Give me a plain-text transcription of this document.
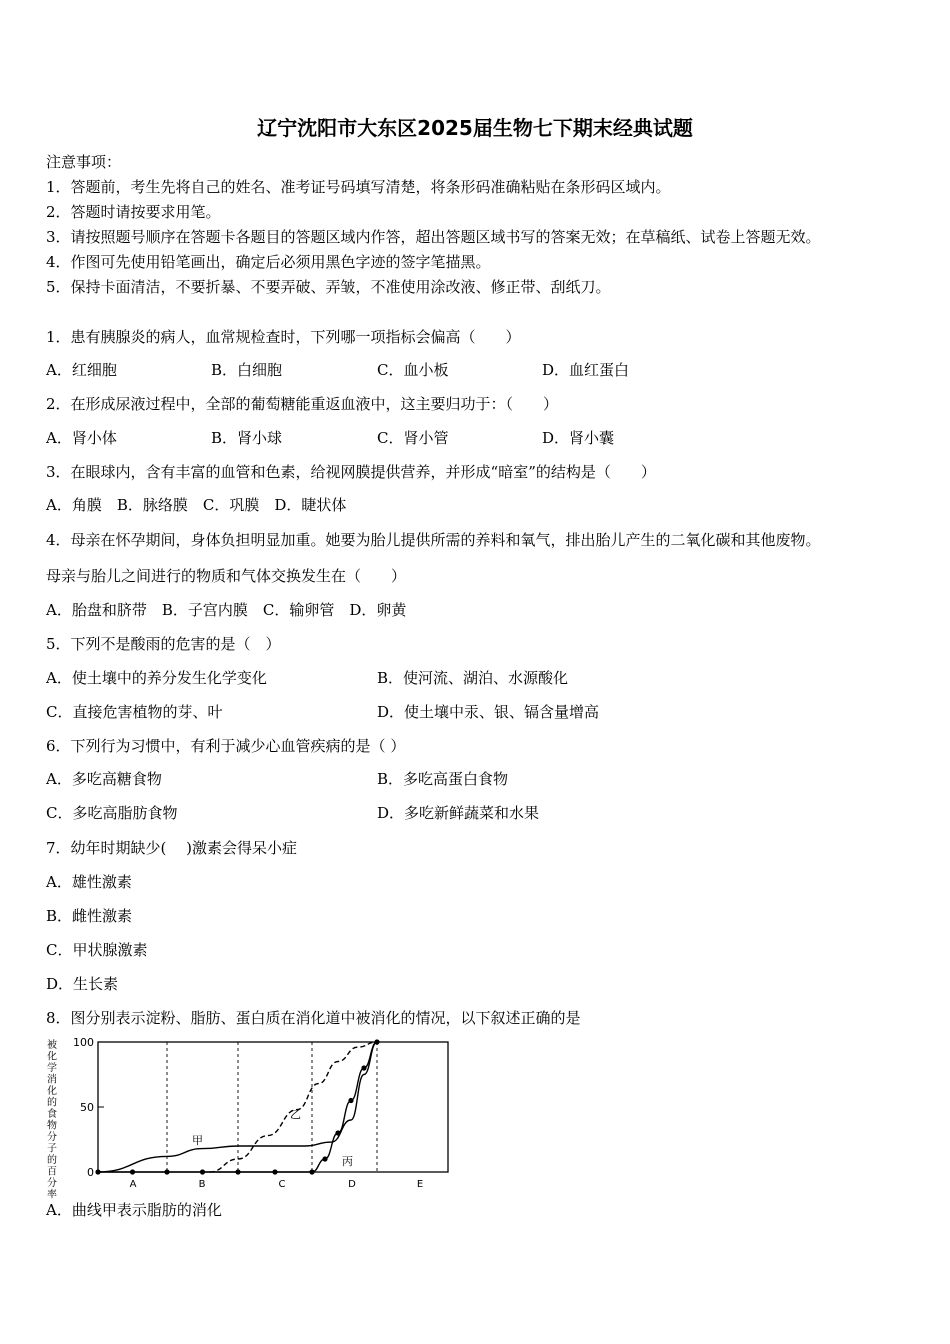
辽宁沈阳市大东区2025届生物七下期末经典试题
注意事项：
1．答题前，考生先将自己的姓名、准考证号码填写清楚，将条形码准确粘贴在条形码区域内。
2．答题时请按要求用笔。
3．请按照题号顺序在答题卡各题目的答题区域内作答，超出答题区域书写的答案无效；在草稿纸、试卷上答题无效。
4．作图可先使用铅笔画出，确定后必须用黑色字迹的签字笔描黑。
5．保持卡面清洁，不要折暴、不要弄破、弄皱，不准使用涂改液、修正带、刮纸刀。
1．患有胰腺炎的病人，血常规检查时，下列哪一项指标会偏高（　　）
A．红细胞	B．白细胞	C．血小板	D．血红蛋白
2．在形成尿液过程中，全部的葡萄糖能重返血液中，这主要归功于：（　　）
A．肾小体	B．肾小球	C．肾小管	D．肾小囊
3．在眼球内，含有丰富的血管和色素，给视网膜提供营养，并形成“暗室”的结构是（　　）
A．角膜　B．脉络膜　C．巩膜　D．睫状体
4．母亲在怀孕期间，身体负担明显加重。她要为胎儿提供所需的养料和氧气，排出胎儿产生的二氧化碳和其他废物。
母亲与胎儿之间进行的物质和气体交换发生在（　　）
A．胎盘和脐带　B．子宫内膜　C．输卵管　D．卵黄
5．下列不是酸雨的危害的是（　）
A．使土壤中的养分发生化学变化	B．使河流、湖泊、水源酸化
C．直接危害植物的芽、叶	D．使土壤中汞、银、镉含量增高
6．下列行为习惯中，有利于减少心血管疾病的是（ ）
A．多吃高糖食物	B．多吃高蛋白食物
C．多吃高脂肪食物	D．多吃新鲜蔬菜和水果
7．幼年时期缺少(　 )激素会得呆小症
A．雄性激素
B．雌性激素
C．甲状腺激素
D．生长素
8．图分别表示淀粉、脂肪、蛋白质在消化道中被消化的情况，以下叙述正确的是
被
化
学
消
化
的
食
物
分
子
的
百
分
率
0
50
100
A	B	C	D	E
甲
乙
丙
A．曲线甲表示脂肪的消化
